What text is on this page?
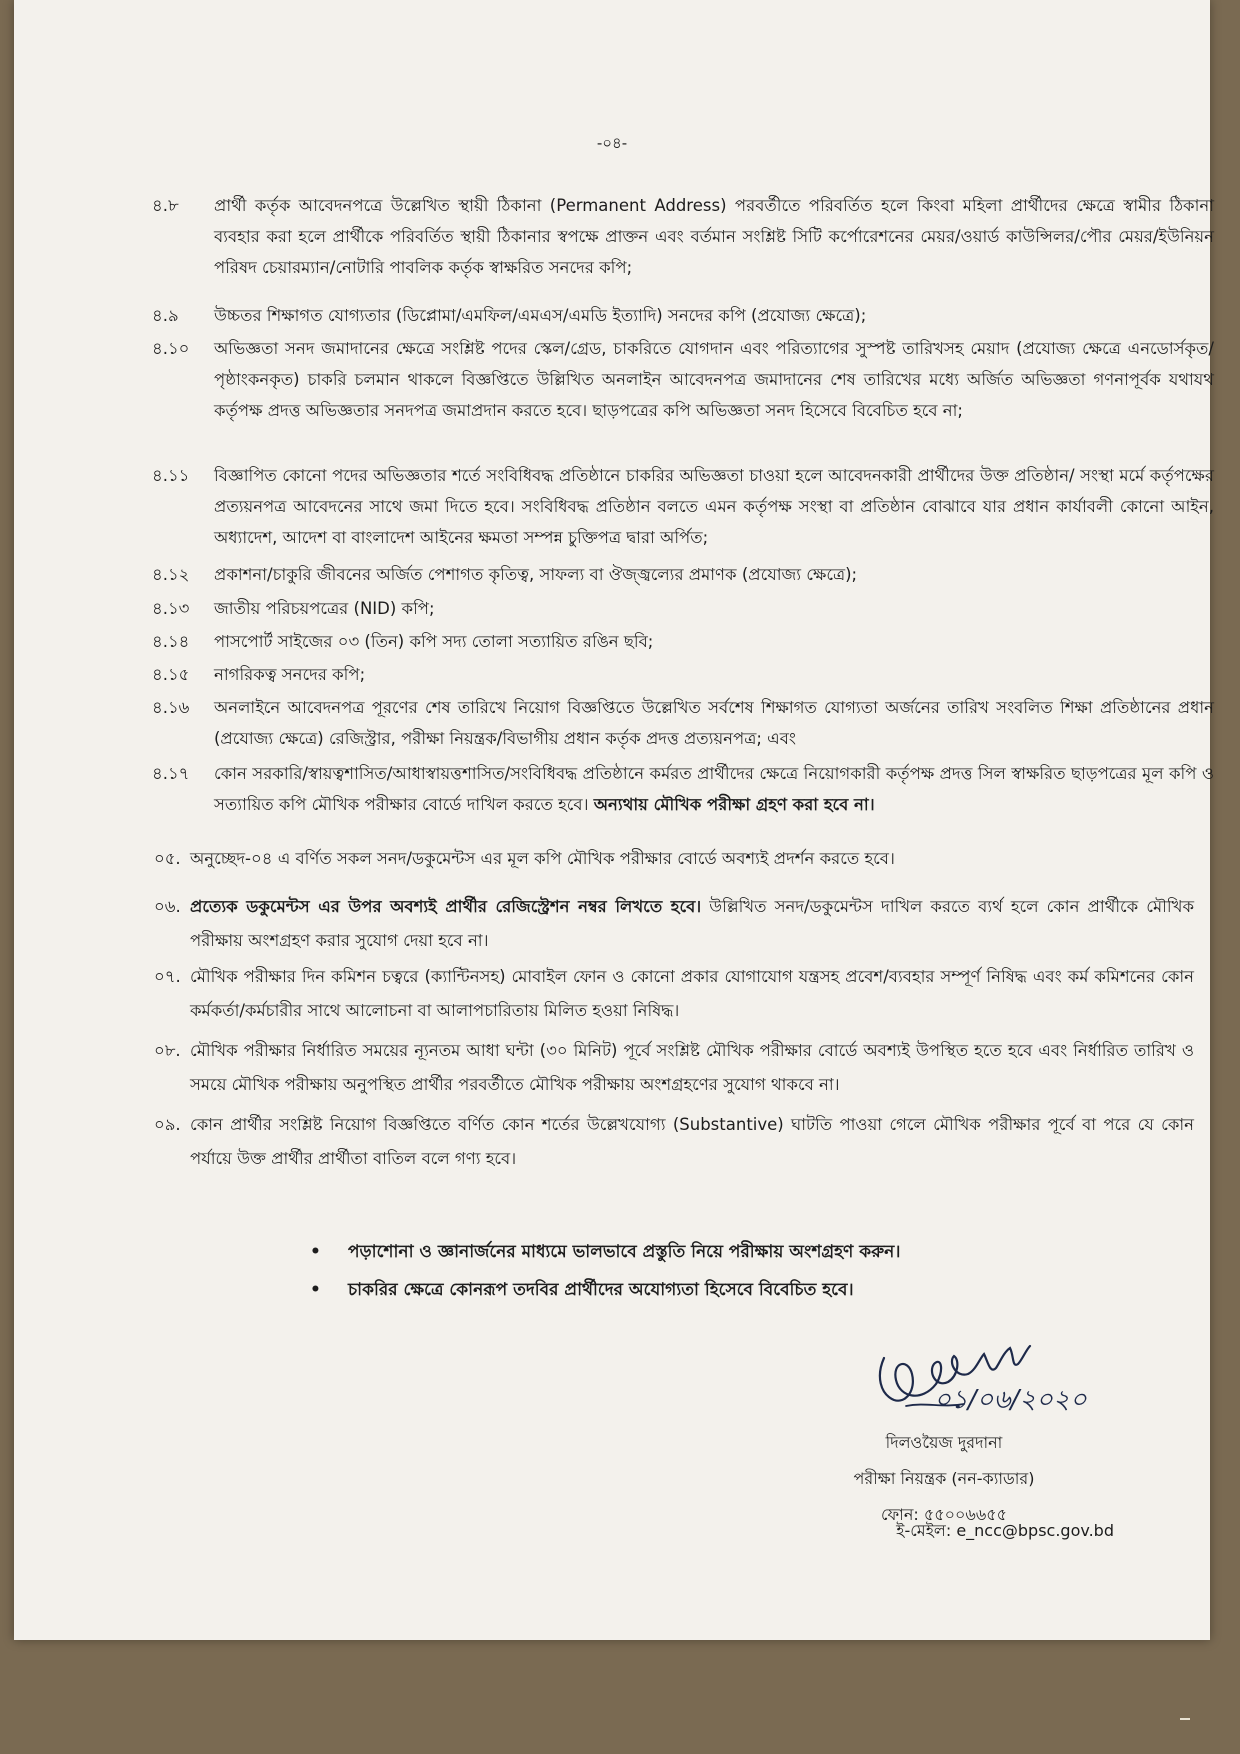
-০৪-
৪.৮ প্রার্থী কর্তৃক আবেদনপত্রে উল্লেখিত স্থায়ী ঠিকানা (Permanent Address) পরবর্তীতে পরিবর্তিত হলে কিংবা মহিলা প্রার্থীদের ক্ষেত্রে স্বামীর ঠিকানা ব্যবহার করা হলে প্রার্থীকে পরিবর্তিত স্থায়ী ঠিকানার স্বপক্ষে প্রাক্তন এবং বর্তমান সংশ্লিষ্ট সিটি কর্পোরেশনের মেয়র/ওয়ার্ড কাউন্সিলর/পৌর মেয়র/ইউনিয়ন পরিষদ চেয়ারম্যান/নোটারি পাবলিক কর্তৃক স্বাক্ষরিত সনদের কপি;
৪.৯ উচ্চতর শিক্ষাগত যোগ্যতার (ডিপ্লোমা/এমফিল/এমএস/এমডি ইত্যাদি) সনদের কপি (প্রযোজ্য ক্ষেত্রে);
৪.১০ অভিজ্ঞতা সনদ জমাদানের ক্ষেত্রে সংশ্লিষ্ট পদের স্কেল/গ্রেড, চাকরিতে যোগদান এবং পরিত্যাগের সুস্পষ্ট তারিখসহ মেয়াদ (প্রযোজ্য ক্ষেত্রে এনডোর্সকৃত/ পৃষ্ঠাংকনকৃত) চাকরি চলমান থাকলে বিজ্ঞপ্তিতে উল্লিখিত অনলাইন আবেদনপত্র জমাদানের শেষ তারিখের মধ্যে অর্জিত অভিজ্ঞতা গণনাপূর্বক যথাযথ কর্তৃপক্ষ প্রদত্ত অভিজ্ঞতার সনদপত্র জমাপ্রদান করতে হবে। ছাড়পত্রের কপি অভিজ্ঞতা সনদ হিসেবে বিবেচিত হবে না;
৪.১১ বিজ্ঞাপিত কোনো পদের অভিজ্ঞতার শর্তে সংবিধিবদ্ধ প্রতিষ্ঠানে চাকরির অভিজ্ঞতা চাওয়া হলে আবেদনকারী প্রার্থীদের উক্ত প্রতিষ্ঠান/ সংস্থা মর্মে কর্তৃপক্ষের প্রত্যয়নপত্র আবেদনের সাথে জমা দিতে হবে। সংবিধিবদ্ধ প্রতিষ্ঠান বলতে এমন কর্তৃপক্ষ সংস্থা বা প্রতিষ্ঠান বোঝাবে যার প্রধান কার্যাবলী কোনো আইন, অধ্যাদেশ, আদেশ বা বাংলাদেশ আইনের ক্ষমতা সম্পন্ন চুক্তিপত্র দ্বারা অর্পিত;
৪.১২ প্রকাশনা/চাকুরি জীবনের অর্জিত পেশাগত কৃতিত্ব, সাফল্য বা ঔজ্জ্বল্যের প্রমাণক (প্রযোজ্য ক্ষেত্রে);
৪.১৩ জাতীয় পরিচয়পত্রের (NID) কপি;
৪.১৪ পাসপোর্ট সাইজের ০৩ (তিন) কপি সদ্য তোলা সত্যায়িত রঙিন ছবি;
৪.১৫ নাগরিকত্ব সনদের কপি;
৪.১৬ অনলাইনে আবেদনপত্র পূরণের শেষ তারিখে নিয়োগ বিজ্ঞপ্তিতে উল্লেখিত সর্বশেষ শিক্ষাগত যোগ্যতা অর্জনের তারিখ সংবলিত শিক্ষা প্রতিষ্ঠানের প্রধান (প্রযোজ্য ক্ষেত্রে) রেজিস্ট্রার, পরীক্ষা নিয়ন্ত্রক/বিভাগীয় প্রধান কর্তৃক প্রদত্ত প্রত্যয়নপত্র; এবং
৪.১৭ কোন সরকারি/স্বায়ত্বশাসিত/আধাস্বায়ত্তশাসিত/সংবিধিবদ্ধ প্রতিষ্ঠানে কর্মরত প্রার্থীদের ক্ষেত্রে নিয়োগকারী কর্তৃপক্ষ প্রদত্ত সিল স্বাক্ষরিত ছাড়পত্রের মূল কপি ও সত্যায়িত কপি মৌখিক পরীক্ষার বোর্ডে দাখিল করতে হবে। অন্যথায় মৌখিক পরীক্ষা গ্রহণ করা হবে না।
০৫. অনুচ্ছেদ-০৪ এ বর্ণিত সকল সনদ/ডকুমেন্টস এর মূল কপি মৌখিক পরীক্ষার বোর্ডে অবশ্যই প্রদর্শন করতে হবে।
০৬. প্রত্যেক ডকুমেন্টস এর উপর অবশ্যই প্রার্থীর রেজিস্ট্রেশন নম্বর লিখতে হবে। উল্লিখিত সনদ/ডকুমেন্টস দাখিল করতে ব্যর্থ হলে কোন প্রার্থীকে মৌখিক পরীক্ষায় অংশগ্রহণ করার সুযোগ দেয়া হবে না।
০৭. মৌখিক পরীক্ষার দিন কমিশন চত্বরে (ক্যান্টিনসহ) মোবাইল ফোন ও কোনো প্রকার যোগাযোগ যন্ত্রসহ প্রবেশ/ব্যবহার সম্পূর্ণ নিষিদ্ধ এবং কর্ম কমিশনের কোন কর্মকর্তা/কর্মচারীর সাথে আলোচনা বা আলাপচারিতায় মিলিত হওয়া নিষিদ্ধ।
০৮. মৌখিক পরীক্ষার নির্ধারিত সময়ের ন্যূনতম আধা ঘন্টা (৩০ মিনিট) পূর্বে সংশ্লিষ্ট মৌখিক পরীক্ষার বোর্ডে অবশ্যই উপস্থিত হতে হবে এবং নির্ধারিত তারিখ ও সময়ে মৌখিক পরীক্ষায় অনুপস্থিত প্রার্থীর পরবর্তীতে মৌখিক পরীক্ষায় অংশগ্রহণের সুযোগ থাকবে না।
০৯. কোন প্রার্থীর সংশ্লিষ্ট নিয়োগ বিজ্ঞপ্তিতে বর্ণিত কোন শর্তের উল্লেখযোগ্য (Substantive) ঘাটতি পাওয়া গেলে মৌখিক পরীক্ষার পূর্বে বা পরে যে কোন পর্যায়ে উক্ত প্রার্থীর প্রার্থীতা বাতিল বলে গণ্য হবে।
• পড়াশোনা ও জ্ঞানার্জনের মাধ্যমে ভালভাবে প্রস্তুতি নিয়ে পরীক্ষায় অংশগ্রহণ করুন।
• চাকরির ক্ষেত্রে কোনরূপ তদবির প্রার্থীদের অযোগ্যতা হিসেবে বিবেচিত হবে।
০১/০৬/২০২০
দিলওয়ৈজ দুরদানা
পরীক্ষা নিয়ন্ত্রক (নন-ক্যাডার)
ফোন: ৫৫০০৬৬৫৫
ই-মেইল: e_ncc@bpsc.gov.bd
